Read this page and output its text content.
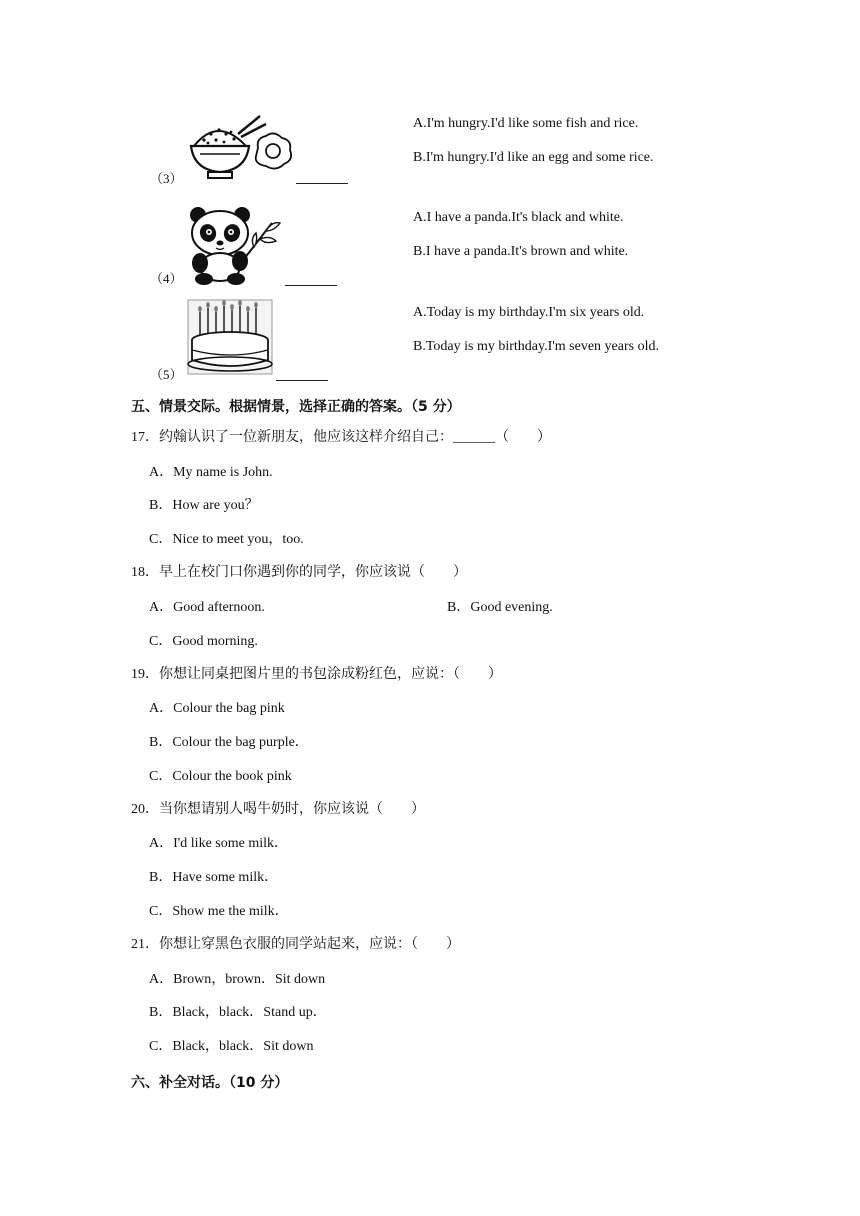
（3）
A.I'm hungry.I'd like some fish and rice.
B.I'm hungry.I'd like an egg and some rice.
（4）
A.I have a panda.It's black and white.
B.I have a panda.It's brown and white.
（5）
A.Today is my birthday.I'm six years old.
B.Today is my birthday.I'm seven years old.
五、情景交际。根据情景，选择正确的答案。（5 分）
17．约翰认识了一位新朋友，他应该这样介绍自己：______（　　）
A．My name is John.
B．How are you？
C．Nice to meet you，too.
18．早上在校门口你遇到你的同学，你应该说（　　）
A．Good afternoon.	B．Good evening.
C．Good morning.
19．你想让同桌把图片里的书包涂成粉红色，应说：（　　）
A．Colour the bag pink
B．Colour the bag purple．
C．Colour the book pink
20．当你想请别人喝牛奶时，你应该说（　　）
A．I'd like some milk．
B．Have some milk．
C．Show me the milk．
21．你想让穿黑色衣服的同学站起来，应说：（　　）
A．Brown，brown．Sit down
B．Black，black．Stand up．
C．Black，black．Sit down
六、补全对话。（10 分）
